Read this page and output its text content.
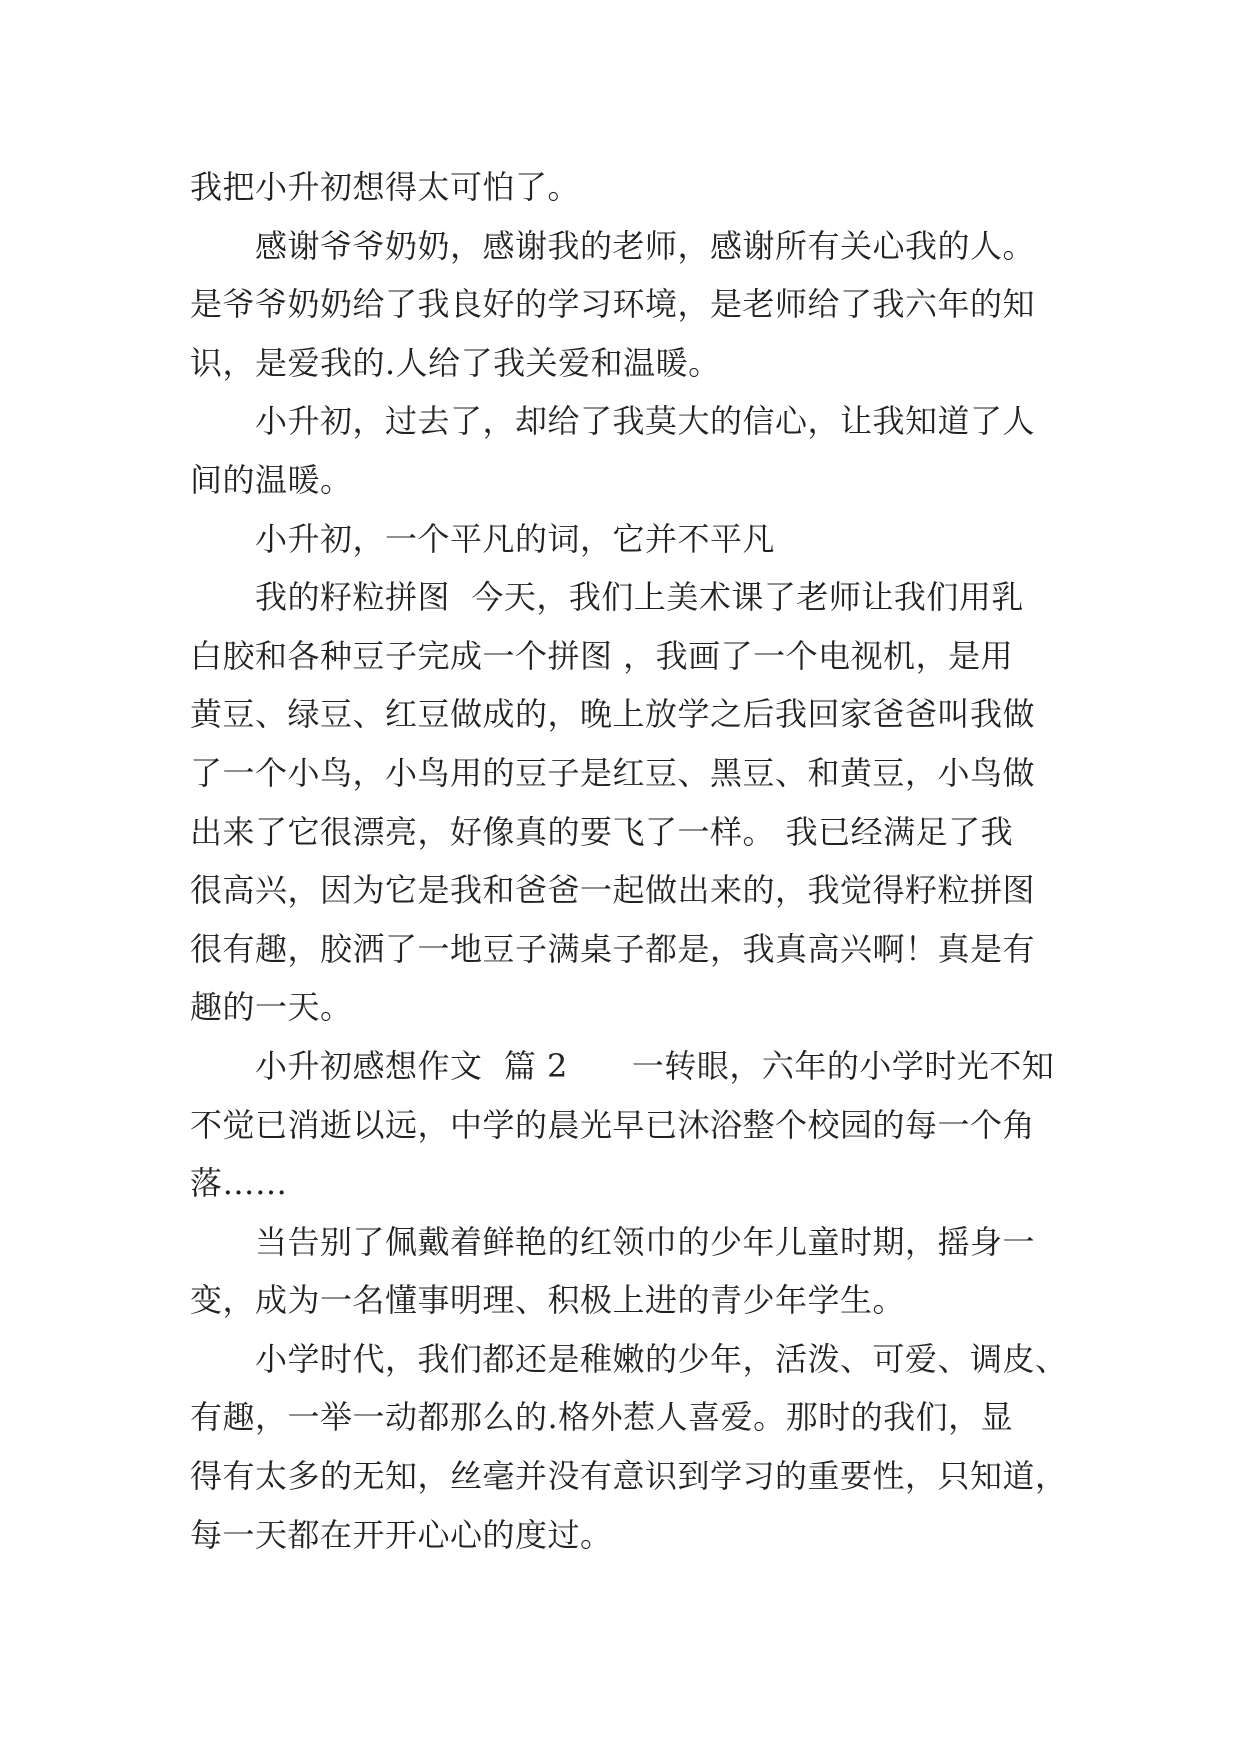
我把小升初想得太可怕了。

感谢爷爷奶奶，感谢我的老师，感谢所有关心我的人。

是爷爷奶奶给了我良好的学习环境，是老师给了我六年的知

识，是爱我的.人给了我关爱和温暖。

小升初，过去了，却给了我莫大的信心，让我知道了人

间的温暖。

小升初，一个平凡的词，它并不平凡

我的籽粒拼图  今天，我们上美术课了老师让我们用乳

白胶和各种豆子完成一个拼图 ，我画了一个电视机，是用

黄豆、绿豆、红豆做成的，晚上放学之后我回家爸爸叫我做

了一个小鸟，小鸟用的豆子是红豆、黑豆、和黄豆，小鸟做

出来了它很漂亮，好像真的要飞了一样。 我已经满足了我

很高兴，因为它是我和爸爸一起做出来的，我觉得籽粒拼图

很有趣，胶洒了一地豆子满桌子都是，我真高兴啊！真是有

趣的一天。

小升初感想作文  篇 2      一转眼，六年的小学时光不知

不觉已消逝以远，中学的晨光早已沐浴整个校园的每一个角

落……

当告别了佩戴着鲜艳的红领巾的少年儿童时期，摇身一

变，成为一名懂事明理、积极上进的青少年学生。

小学时代，我们都还是稚嫩的少年，活泼、可爱、调皮、

有趣，一举一动都那么的.格外惹人喜爱。那时的我们，显

得有太多的无知，丝毫并没有意识到学习的重要性，只知道，

每一天都在开开心心的度过。
